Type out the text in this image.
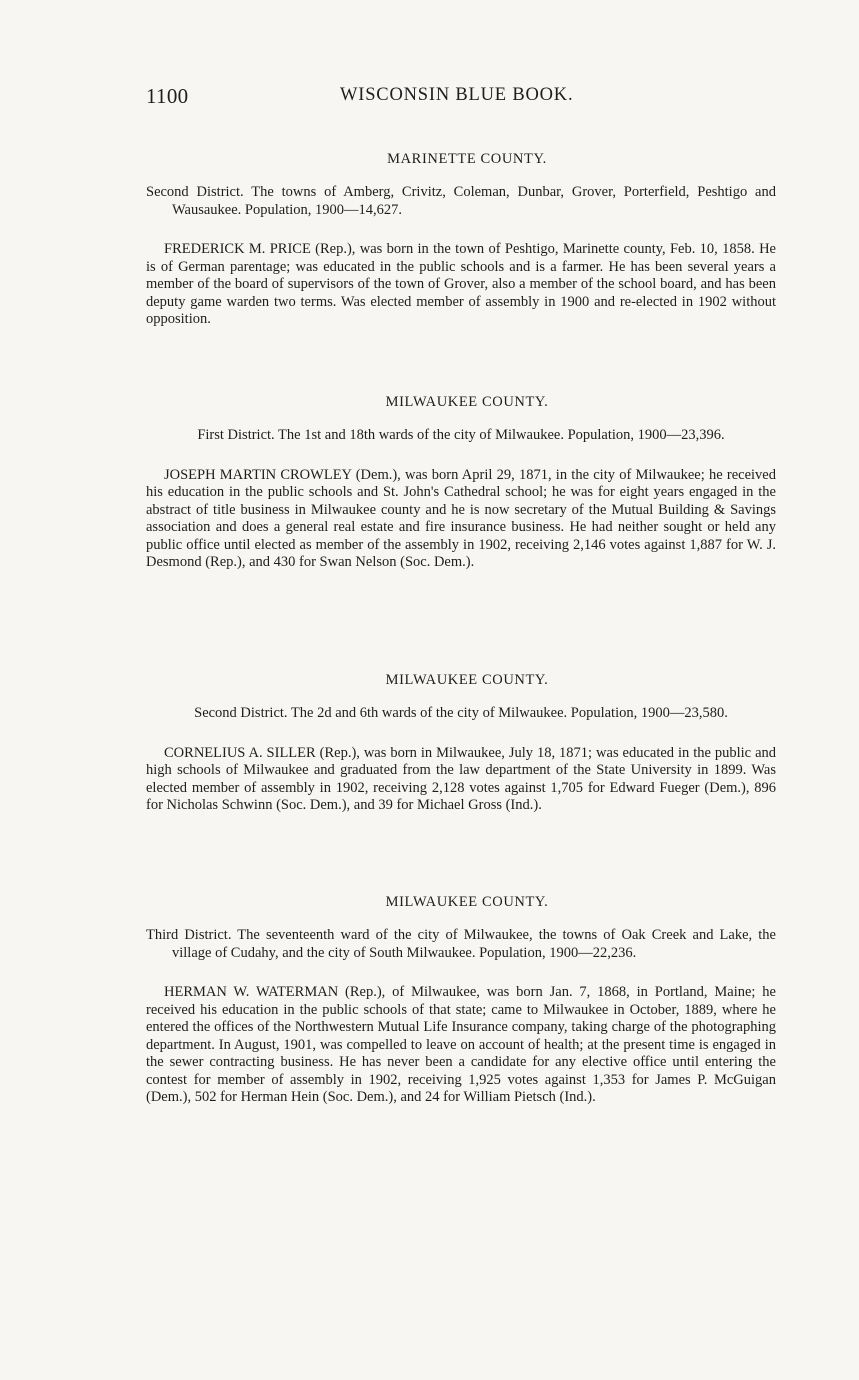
1100	WISCONSIN BLUE BOOK.
MARINETTE COUNTY.

Second District. The towns of Amberg, Crivitz, Coleman, Dunbar, Grover, Porterfield, Peshtigo and Wausaukee. Population, 1900—14,627.

FREDERICK M. PRICE (Rep.), was born in the town of Peshtigo, Marinette county, Feb. 10, 1858. He is of German parentage; was educated in the public schools and is a farmer. He has been several years a member of the board of supervisors of the town of Grover, also a member of the school board, and has been deputy game warden two terms. Was elected member of assembly in 1900 and re-elected in 1902 without opposition.

MILWAUKEE COUNTY.

First District. The 1st and 18th wards of the city of Milwaukee. Population, 1900—23,396.

JOSEPH MARTIN CROWLEY (Dem.), was born April 29, 1871, in the city of Milwaukee; he received his education in the public schools and St. John's Cathedral school; he was for eight years engaged in the abstract of title business in Milwaukee county and he is now secretary of the Mutual Building & Savings association and does a general real estate and fire insurance business. He had neither sought or held any public office until elected as member of the assembly in 1902, receiving 2,146 votes against 1,887 for W. J. Desmond (Rep.), and 430 for Swan Nelson (Soc. Dem.).

MILWAUKEE COUNTY.

Second District. The 2d and 6th wards of the city of Milwaukee. Population, 1900—23,580.

CORNELIUS A. SILLER (Rep.), was born in Milwaukee, July 18, 1871; was educated in the public and high schools of Milwaukee and graduated from the law department of the State University in 1899. Was elected member of assembly in 1902, receiving 2,128 votes against 1,705 for Edward Fueger (Dem.), 896 for Nicholas Schwinn (Soc. Dem.), and 39 for Michael Gross (Ind.).

MILWAUKEE COUNTY.

Third District. The seventeenth ward of the city of Milwaukee, the towns of Oak Creek and Lake, the village of Cudahy, and the city of South Milwaukee. Population, 1900—22,236.

HERMAN W. WATERMAN (Rep.), of Milwaukee, was born Jan. 7, 1868, in Portland, Maine; he received his education in the public schools of that state; came to Milwaukee in October, 1889, where he entered the offices of the Northwestern Mutual Life Insurance company, taking charge of the photographing department. In August, 1901, was compelled to leave on account of health; at the present time is engaged in the sewer contracting business. He has never been a candidate for any elective office until entering the contest for member of assembly in 1902, receiving 1,925 votes against 1,353 for James P. McGuigan (Dem.), 502 for Herman Hein (Soc. Dem.), and 24 for William Pietsch (Ind.).
